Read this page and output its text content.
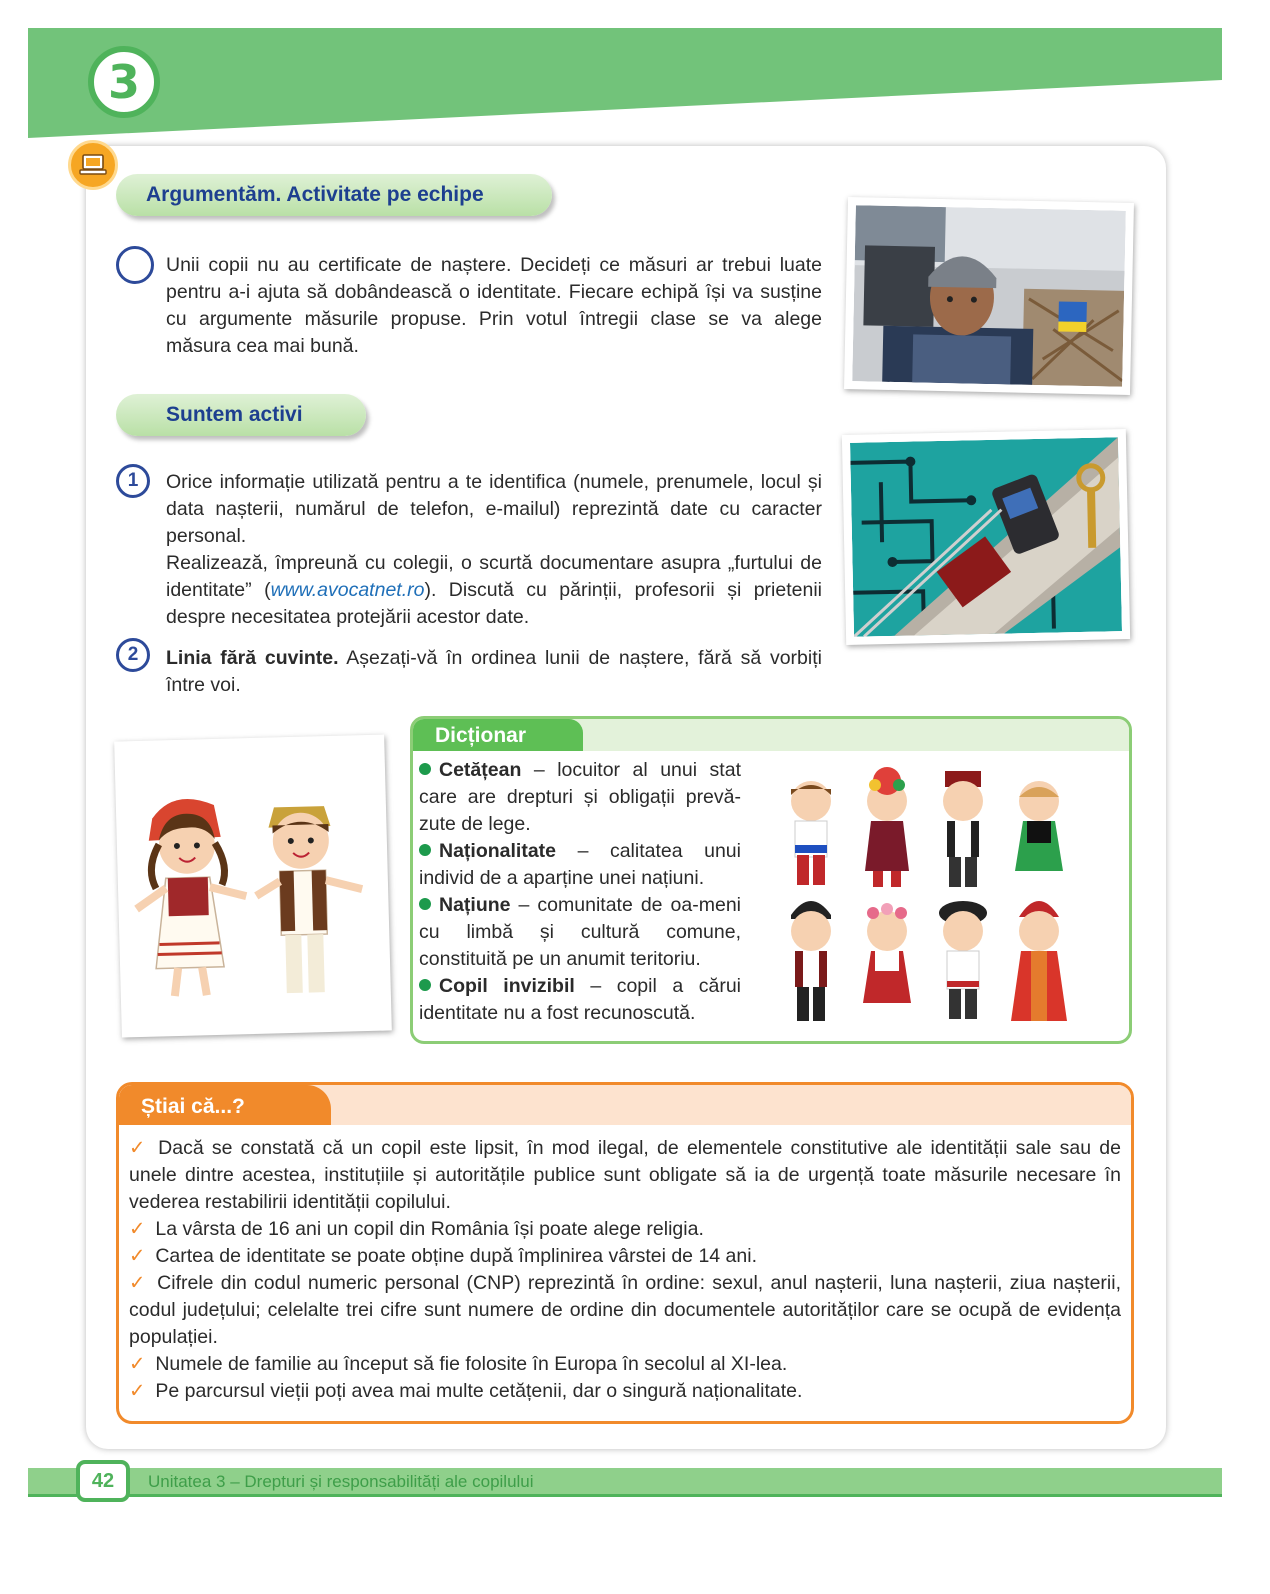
3
Argumentăm. Activitate pe echipe
Unii copii nu au certificate de naștere. Decideți ce măsuri ar trebui luate pentru a-i ajuta să dobândească o identitate. Fiecare echipă își va susține cu argumente măsurile propuse. Prin votul întregii clase se va alege măsura cea mai bună.
Suntem activi
1 Orice informație utilizată pentru a te identifica (numele, prenumele, locul și data nașterii, numărul de telefon, e-mailul) reprezintă date cu caracter personal.
Realizează, împreună cu colegii, o scurtă documentare asupra „furtului de identitate” (www.avocatnet.ro). Discută cu părinții, profesorii și prietenii despre necesitatea protejării acestor date.
2 Linia fără cuvinte. Așezați-vă în ordinea lunii de naștere, fără să vorbiți între voi.
Dicționar
Cetățean – locuitor al unui stat care are drepturi și obligații prevă-zute de lege.
Naționalitate – calitatea unui individ de a aparține unei națiuni.
Națiune – comunitate de oa-meni cu limbă și cultură comune, constituită pe un anumit teritoriu.
Copil invizibil – copil a cărui identitate nu a fost recunoscută.
Știai că...?
✓ Dacă se constată că un copil este lipsit, în mod ilegal, de elementele constitutive ale identității sale sau de unele dintre acestea, instituțiile și autoritățile publice sunt obligate să ia de urgență toate măsurile necesare în vederea restabilirii identității copilului.
✓ La vârsta de 16 ani un copil din România își poate alege religia.
✓ Cartea de identitate se poate obține după împlinirea vârstei de 14 ani.
✓ Cifrele din codul numeric personal (CNP) reprezintă în ordine: sexul, anul nașterii, luna nașterii, ziua nașterii, codul județului; celelalte trei cifre sunt numere de ordine din documentele autorităților care se ocupă de evidența populației.
✓ Numele de familie au început să fie folosite în Europa în secolul al XI-lea.
✓ Pe parcursul vieții poți avea mai multe cetățenii, dar o singură naționalitate.
42 Unitatea 3 – Drepturi și responsabilități ale copilului
